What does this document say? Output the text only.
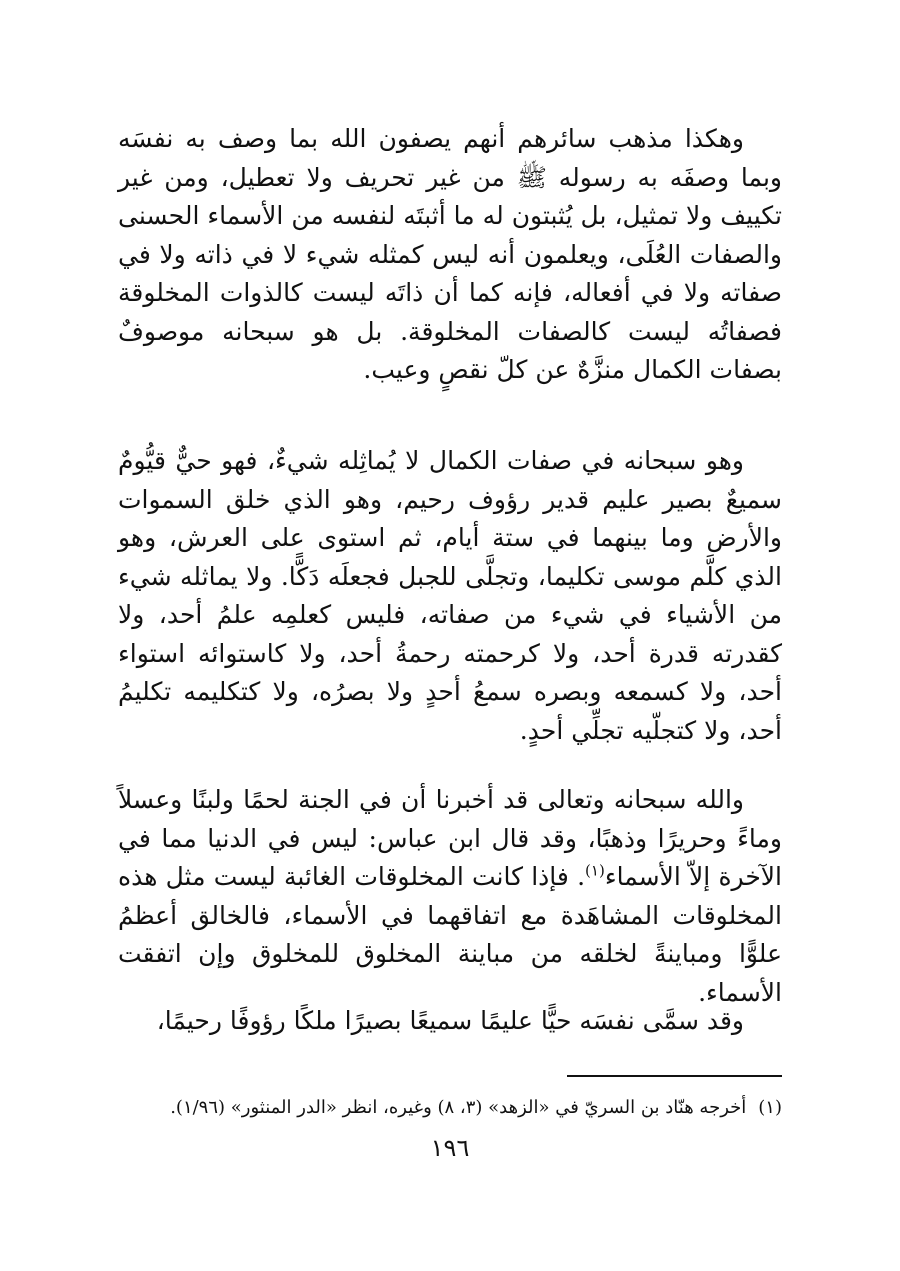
وهكذا مذهب سائرهم أنهم يصفون الله بما وصف به نفسَه وبما وصفَه به رسوله ﷺ من غير تحريف ولا تعطيل، ومن غير تكييف ولا تمثيل، بل يُثبتون له ما أثبتَه لنفسه من الأسماء الحسنى والصفات العُلَى، ويعلمون أنه ليس كمثله شيء لا في ذاته ولا في صفاته ولا في أفعاله، فإنه كما أن ذاتَه ليست كالذوات المخلوقة فصفاتُه ليست كالصفات المخلوقة. بل هو سبحانه موصوفٌ بصفات الكمال منزَّهٌ عن كلّ نقصٍ وعيب.

وهو سبحانه في صفات الكمال لا يُماثِله شيءٌ، فهو حيٌّ قيُّومٌ سميعٌ بصير عليم قدير رؤوف رحيم، وهو الذي خلق السموات والأرض وما بينهما في ستة أيام، ثم استوى على العرش، وهو الذي كلَّم موسى تكليما، وتجلَّى للجبل فجعلَه دَكًّا. ولا يماثله شيء من الأشياء في شيء من صفاته، فليس كعلمِه علمُ أحد، ولا كقدرته قدرة أحد، ولا كرحمته رحمةُ أحد، ولا كاستوائه استواء أحد، ولا كسمعه وبصره سمعُ أحدٍ ولا بصرُه، ولا كتكليمه تكليمُ أحد، ولا كتجلّيه تجلِّي أحدٍ.

والله سبحانه وتعالى قد أخبرنا أن في الجنة لحمًا ولبنًا وعسلاً وماءً وحريرًا وذهبًا، وقد قال ابن عباس: ليس في الدنيا مما في الآخرة إلاّ الأسماء$^{(١)}$. فإذا كانت المخلوقات الغائبة ليست مثل هذه المخلوقات المشاهَدة مع اتفاقهما في الأسماء، فالخالق أعظمُ علوًّا ومباينةً لخلقه من مباينة المخلوق للمخلوق وإن اتفقت الأسماء.

وقد سمَّى نفسَه حيًّا عليمًا سميعًا بصيرًا ملكًا رؤوفًا رحيمًا،

(١)أخرجه هنّاد بن السريّ في «الزهد» (٣، ٨) وغيره، انظر «الدر المنثور» (١/٩٦).
١٩٦
